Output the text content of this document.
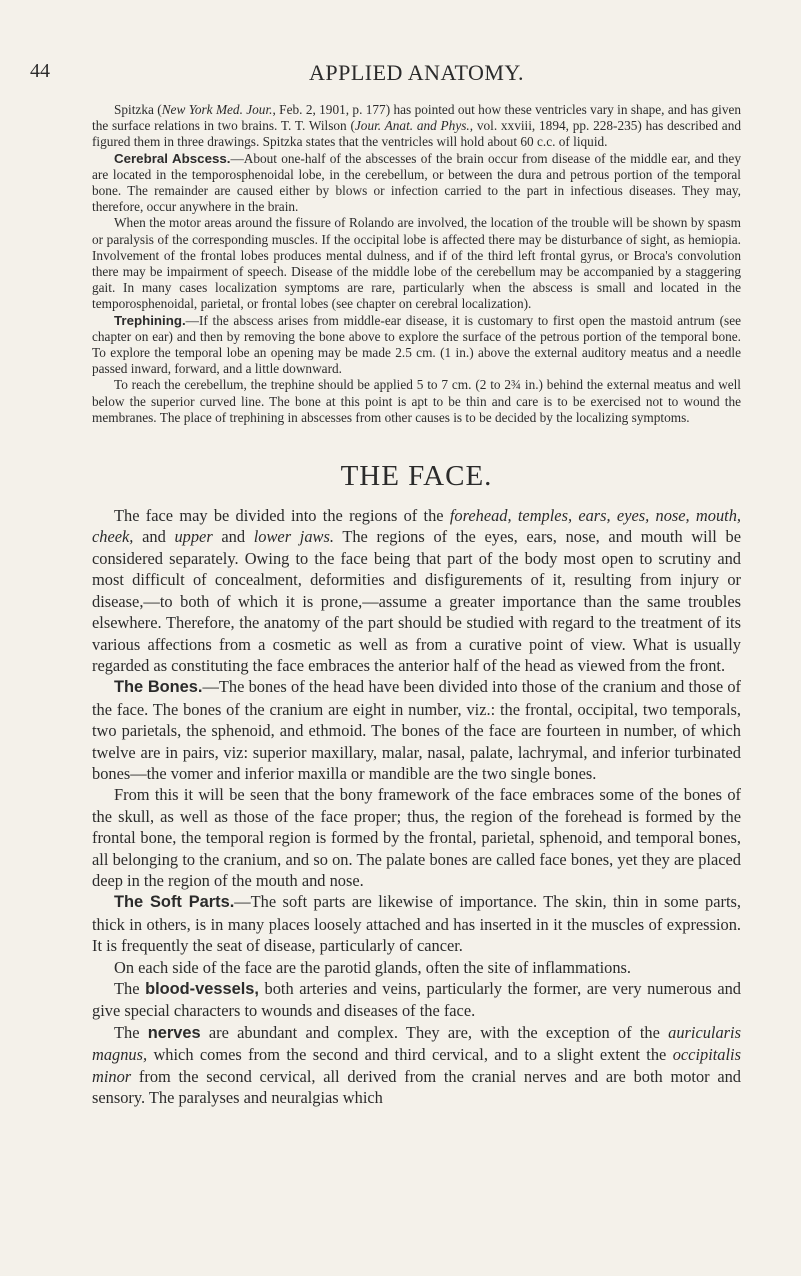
44	APPLIED ANATOMY.

Spitzka (New York Med. Jour., Feb. 2, 1901, p. 177) has pointed out how these ventricles vary in shape, and has given the surface relations in two brains. T. T. Wilson (Jour. Anat. and Phys., vol. xxviii, 1894, pp. 228-235) has described and figured them in three drawings. Spitzka states that the ventricles will hold about 60 c.c. of liquid.

Cerebral Abscess.—About one-half of the abscesses of the brain occur from disease of the middle ear, and they are located in the temporosphenoidal lobe, in the cerebellum, or between the dura and petrous portion of the temporal bone. The remainder are caused either by blows or infection carried to the part in infectious diseases. They may, therefore, occur anywhere in the brain.

When the motor areas around the fissure of Rolando are involved, the location of the trouble will be shown by spasm or paralysis of the corresponding muscles. If the occipital lobe is affected there may be disturbance of sight, as hemiopia. Involvement of the frontal lobes produces mental dulness, and if of the third left frontal gyrus, or Broca's convolution there may be impairment of speech. Disease of the middle lobe of the cerebellum may be accompanied by a staggering gait. In many cases localization symptoms are rare, particularly when the abscess is small and located in the temporosphenoidal, parietal, or frontal lobes (see chapter on cerebral localization).

Trephining.—If the abscess arises from middle-ear disease, it is customary to first open the mastoid antrum (see chapter on ear) and then by removing the bone above to explore the surface of the petrous portion of the temporal bone. To explore the temporal lobe an opening may be made 2.5 cm. (1 in.) above the external auditory meatus and a needle passed inward, forward, and a little downward.

To reach the cerebellum, the trephine should be applied 5 to 7 cm. (2 to 2¾ in.) behind the external meatus and well below the superior curved line. The bone at this point is apt to be thin and care is to be exercised not to wound the membranes. The place of trephining in abscesses from other causes is to be decided by the localizing symptoms.

THE FACE.

The face may be divided into the regions of the forehead, temples, ears, eyes, nose, mouth, cheek, and upper and lower jaws. The regions of the eyes, ears, nose, and mouth will be considered separately. Owing to the face being that part of the body most open to scrutiny and most difficult of concealment, deformities and disfigurements of it, resulting from injury or disease,—to both of which it is prone,—assume a greater importance than the same troubles elsewhere. Therefore, the anatomy of the part should be studied with regard to the treatment of its various affections from a cosmetic as well as from a curative point of view. What is usually regarded as constituting the face embraces the anterior half of the head as viewed from the front.

The Bones.—The bones of the head have been divided into those of the cranium and those of the face. The bones of the cranium are eight in number, viz.: the frontal, occipital, two temporals, two parietals, the sphenoid, and ethmoid. The bones of the face are fourteen in number, of which twelve are in pairs, viz: superior maxillary, malar, nasal, palate, lachrymal, and inferior turbinated bones—the vomer and inferior maxilla or mandible are the two single bones.

From this it will be seen that the bony framework of the face embraces some of the bones of the skull, as well as those of the face proper; thus, the region of the forehead is formed by the frontal bone, the temporal region is formed by the frontal, parietal, sphenoid, and temporal bones, all belonging to the cranium, and so on. The palate bones are called face bones, yet they are placed deep in the region of the mouth and nose.

The Soft Parts.—The soft parts are likewise of importance. The skin, thin in some parts, thick in others, is in many places loosely attached and has inserted in it the muscles of expression. It is frequently the seat of disease, particularly of cancer.

On each side of the face are the parotid glands, often the site of inflammations.

The blood-vessels, both arteries and veins, particularly the former, are very numerous and give special characters to wounds and diseases of the face.

The nerves are abundant and complex. They are, with the exception of the auricularis magnus, which comes from the second and third cervical, and to a slight extent the occipitalis minor from the second cervical, all derived from the cranial nerves and are both motor and sensory. The paralyses and neuralgias which
